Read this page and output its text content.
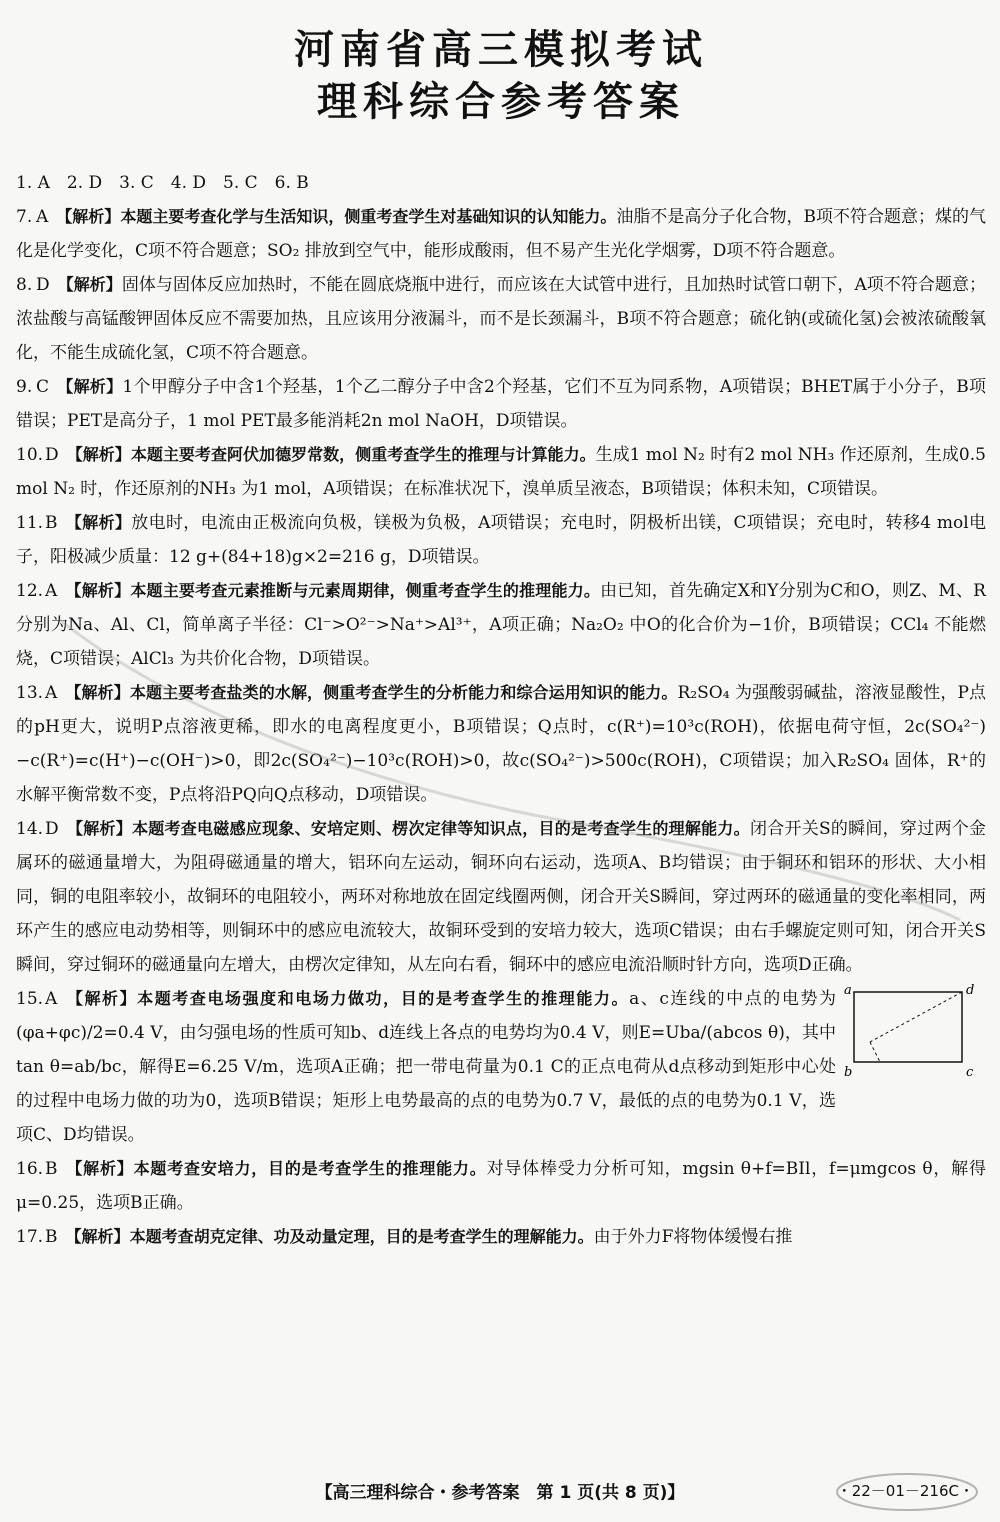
河南省高三模拟考试
理科综合参考答案
1. A　2. D　3. C　4. D　5. C　6. B
7. A 【解析】本题主要考查化学与生活知识，侧重考查学生对基础知识的认知能力。油脂不是高分子化合物，B项不符合题意；煤的气化是化学变化，C项不符合题意；SO₂ 排放到空气中，能形成酸雨，但不易产生光化学烟雾，D项不符合题意。
8. D 【解析】固体与固体反应加热时，不能在圆底烧瓶中进行，而应该在大试管中进行，且加热时试管口朝下，A项不符合题意；浓盐酸与高锰酸钾固体反应不需要加热，且应该用分液漏斗，而不是长颈漏斗，B项不符合题意；硫化钠(或硫化氢)会被浓硫酸氧化，不能生成硫化氢，C项不符合题意。
9. C 【解析】1个甲醇分子中含1个羟基，1个乙二醇分子中含2个羟基，它们不互为同系物，A项错误；BHET属于小分子，B项错误；PET是高分子，1 mol PET最多能消耗2n mol NaOH，D项错误。
10. D 【解析】本题主要考查阿伏加德罗常数，侧重考查学生的推理与计算能力。生成1 mol N₂ 时有2 mol NH₃ 作还原剂，生成0.5 mol N₂ 时，作还原剂的NH₃ 为1 mol，A项错误；在标准状况下，溴单质呈液态，B项错误；体积未知，C项错误。
11. B 【解析】放电时，电流由正极流向负极，镁极为负极，A项错误；充电时，阴极析出镁，C项错误；充电时，转移4 mol电子，阳极减少质量：12 g+(84+18)g×2=216 g，D项错误。
12. A 【解析】本题主要考查元素推断与元素周期律，侧重考查学生的推理能力。由已知，首先确定X和Y分别为C和O，则Z、M、R分别为Na、Al、Cl，简单离子半径：Cl⁻>O²⁻>Na⁺>Al³⁺，A项正确；Na₂O₂ 中O的化合价为−1价，B项错误；CCl₄ 不能燃烧，C项错误；AlCl₃ 为共价化合物，D项错误。
13. A 【解析】本题主要考查盐类的水解，侧重考查学生的分析能力和综合运用知识的能力。R₂SO₄ 为强酸弱碱盐，溶液显酸性，P点的pH更大，说明P点溶液更稀，即水的电离程度更小，B项错误；Q点时，c(R⁺)=10³c(ROH)，依据电荷守恒，2c(SO₄²⁻)−c(R⁺)=c(H⁺)−c(OH⁻)>0，即2c(SO₄²⁻)−10³c(ROH)>0，故c(SO₄²⁻)>500c(ROH)，C项错误；加入R₂SO₄ 固体，R⁺的水解平衡常数不变，P点将沿PQ向Q点移动，D项错误。
14. D 【解析】本题考查电磁感应现象、安培定则、楞次定律等知识点，目的是考查学生的理解能力。闭合开关S的瞬间，穿过两个金属环的磁通量增大，为阻碍磁通量的增大，铝环向左运动，铜环向右运动，选项A、B均错误；由于铜环和铝环的形状、大小相同，铜的电阻率较小，故铜环的电阻较小，两环对称地放在固定线圈两侧，闭合开关S瞬间，穿过两环的磁通量的变化率相同，两环产生的感应电动势相等，则铜环中的感应电流较大，故铜环受到的安培力较大，选项C错误；由右手螺旋定则可知，闭合开关S瞬间，穿过铜环的磁通量向左增大，由楞次定律知，从左向右看，铜环中的感应电流沿顺时针方向，选项D正确。
15. A 【解析】本题考查电场强度和电场力做功，目的是考查学生的推理能力。a、c连线的中点的电势为(φa+φc)/2=0.4 V，由匀强电场的性质可知b、d连线上各点的电势均为0.4 V，则E=Uba/(abcos θ)，其中tan θ=ab/bc，解得E=6.25 V/m，选项A正确；把一带电荷量为0.1 C的正点电荷从d点移动到矩形中心处的过程中电场力做的功为0，选项B错误；矩形上电势最高的点的电势为0.7 V，最低的点的电势为0.1 V，选项C、D均错误。
a	d
b	c
16. B 【解析】本题考查安培力，目的是考查学生的推理能力。对导体棒受力分析可知，mgsin θ+f=BIl，f=μmgcos θ，解得μ=0.25，选项B正确。
17. B 【解析】本题考查胡克定律、功及动量定理，目的是考查学生的理解能力。由于外力F将物体缓慢右推
【高三理科综合・参考答案　第 1 页(共 8 页)】	・22－01－216C・
